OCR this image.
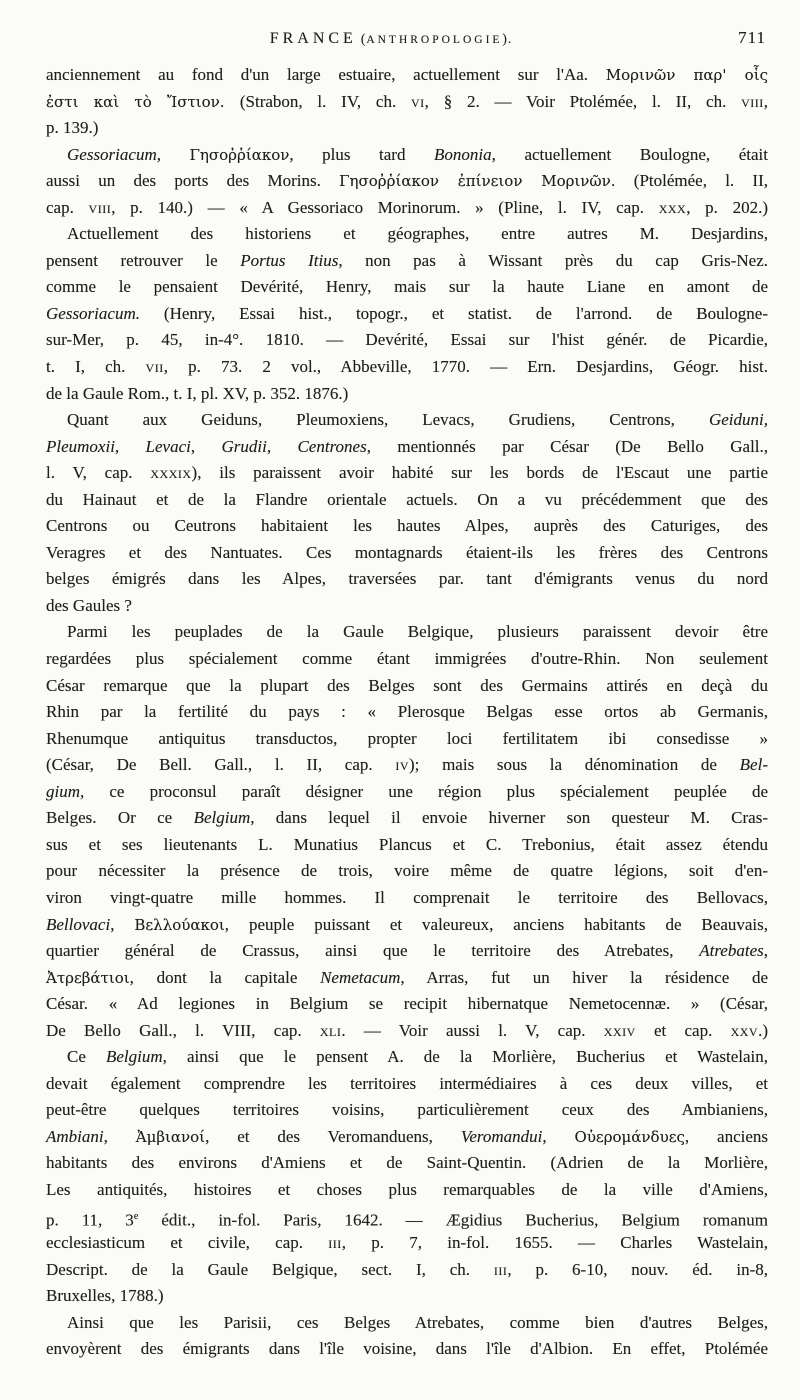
FRANCE (ANTHROPOLOGIE).	711
anciennement au fond d'un large estuaire, actuellement sur l'Aa. Μορινῶν παρ' οἷς
ἐστι καὶ τὸ Ἴστιον. (Strabon, l. IV, ch. vi, § 2. — Voir Ptolémée, l. II, ch. viii,
p. 139.)
Gessoriacum, Γησοῤῥίακον, plus tard Bononia, actuellement Boulogne, était
aussi un des ports des Morins. Γησοῤῥίακον ἐπίνειον Μορινῶν. (Ptolémée, l. II,
cap. viii, p. 140.) — « A Gessoriaco Morinorum. » (Pline, l. IV, cap. xxx, p. 202.)
Actuellement des historiens et géographes, entre autres M. Desjardins,
pensent retrouver le Portus Itius, non pas à Wissant près du cap Gris-Nez.
comme le pensaient Devérité, Henry, mais sur la haute Liane en amont de
Gessoriacum. (Henry, Essai hist., topogr., et statist. de l'arrond. de Boulogne-
sur-Mer, p. 45, in-4°. 1810. — Devérité, Essai sur l'hist génér. de Picardie,
t. I, ch. vii, p. 73. 2 vol., Abbeville, 1770. — Ern. Desjardins, Géogr. hist.
de la Gaule Rom., t. I, pl. XV, p. 352. 1876.)
Quant aux Geiduns, Pleumoxiens, Levacs, Grudiens, Centrons, Geiduni,
Pleumoxii, Levaci, Grudii, Centrones, mentionnés par César (De Bello Gall.,
l. V, cap. xxxix), ils paraissent avoir habité sur les bords de l'Escaut une partie
du Hainaut et de la Flandre orientale actuels. On a vu précédemment que des
Centrons ou Ceutrons habitaient les hautes Alpes, auprès des Caturiges, des
Veragres et des Nantuates. Ces montagnards étaient-ils les frères des Centrons
belges émigrés dans les Alpes, traversées par. tant d'émigrants venus du nord
des Gaules ?
Parmi les peuplades de la Gaule Belgique, plusieurs paraissent devoir être
regardées plus spécialement comme étant immigrées d'outre-Rhin. Non seulement
César remarque que la plupart des Belges sont des Germains attirés en deçà du
Rhin par la fertilité du pays : « Plerosque Belgas esse ortos ab Germanis,
Rhenumque antiquitus transductos, propter loci fertilitatem ibi consedisse »
(César, De Bell. Gall., l. II, cap. iv); mais sous la dénomination de Bel-
gium, ce proconsul paraît désigner une région plus spécialement peuplée de
Belges. Or ce Belgium, dans lequel il envoie hiverner son questeur M. Cras-
sus et ses lieutenants L. Munatius Plancus et C. Trebonius, était assez étendu
pour nécessiter la présence de trois, voire même de quatre légions, soit d'en-
viron vingt-quatre mille hommes. Il comprenait le territoire des Bellovacs,
Bellovaci, Βελλούακοι, peuple puissant et valeureux, anciens habitants de Beauvais,
quartier général de Crassus, ainsi que le territoire des Atrebates, Atrebates,
Ἀτρεβάτιοι, dont la capitale Nemetacum, Arras, fut un hiver la résidence de
César. « Ad legiones in Belgium se recipit hibernatque Nemetocennæ. » (César,
De Bello Gall., l. VIII, cap. xli. — Voir aussi l. V, cap. xxiv et cap. xxv.)
Ce Belgium, ainsi que le pensent A. de la Morlière, Bucherius et Wastelain,
devait également comprendre les territoires intermédiaires à ces deux villes, et
peut-être quelques territoires voisins, particulièrement ceux des Ambianiens,
Ambiani, Ἀμβιανοί, et des Veromanduens, Veromandui, Οὐερομάνδυες, anciens
habitants des environs d'Amiens et de Saint-Quentin. (Adrien de la Morlière,
Les antiquités, histoires et choses plus remarquables de la ville d'Amiens,
p. 11, 3e édit., in-fol. Paris, 1642. — Ægidius Bucherius, Belgium romanum
ecclesiasticum et civile, cap. iii, p. 7, in-fol. 1655. — Charles Wastelain,
Descript. de la Gaule Belgique, sect. I, ch. iii, p. 6-10, nouv. éd. in-8,
Bruxelles, 1788.)
Ainsi que les Parisii, ces Belges Atrebates, comme bien d'autres Belges,
envoyèrent des émigrants dans l'île voisine, dans l'île d'Albion. En effet, Ptolémée
